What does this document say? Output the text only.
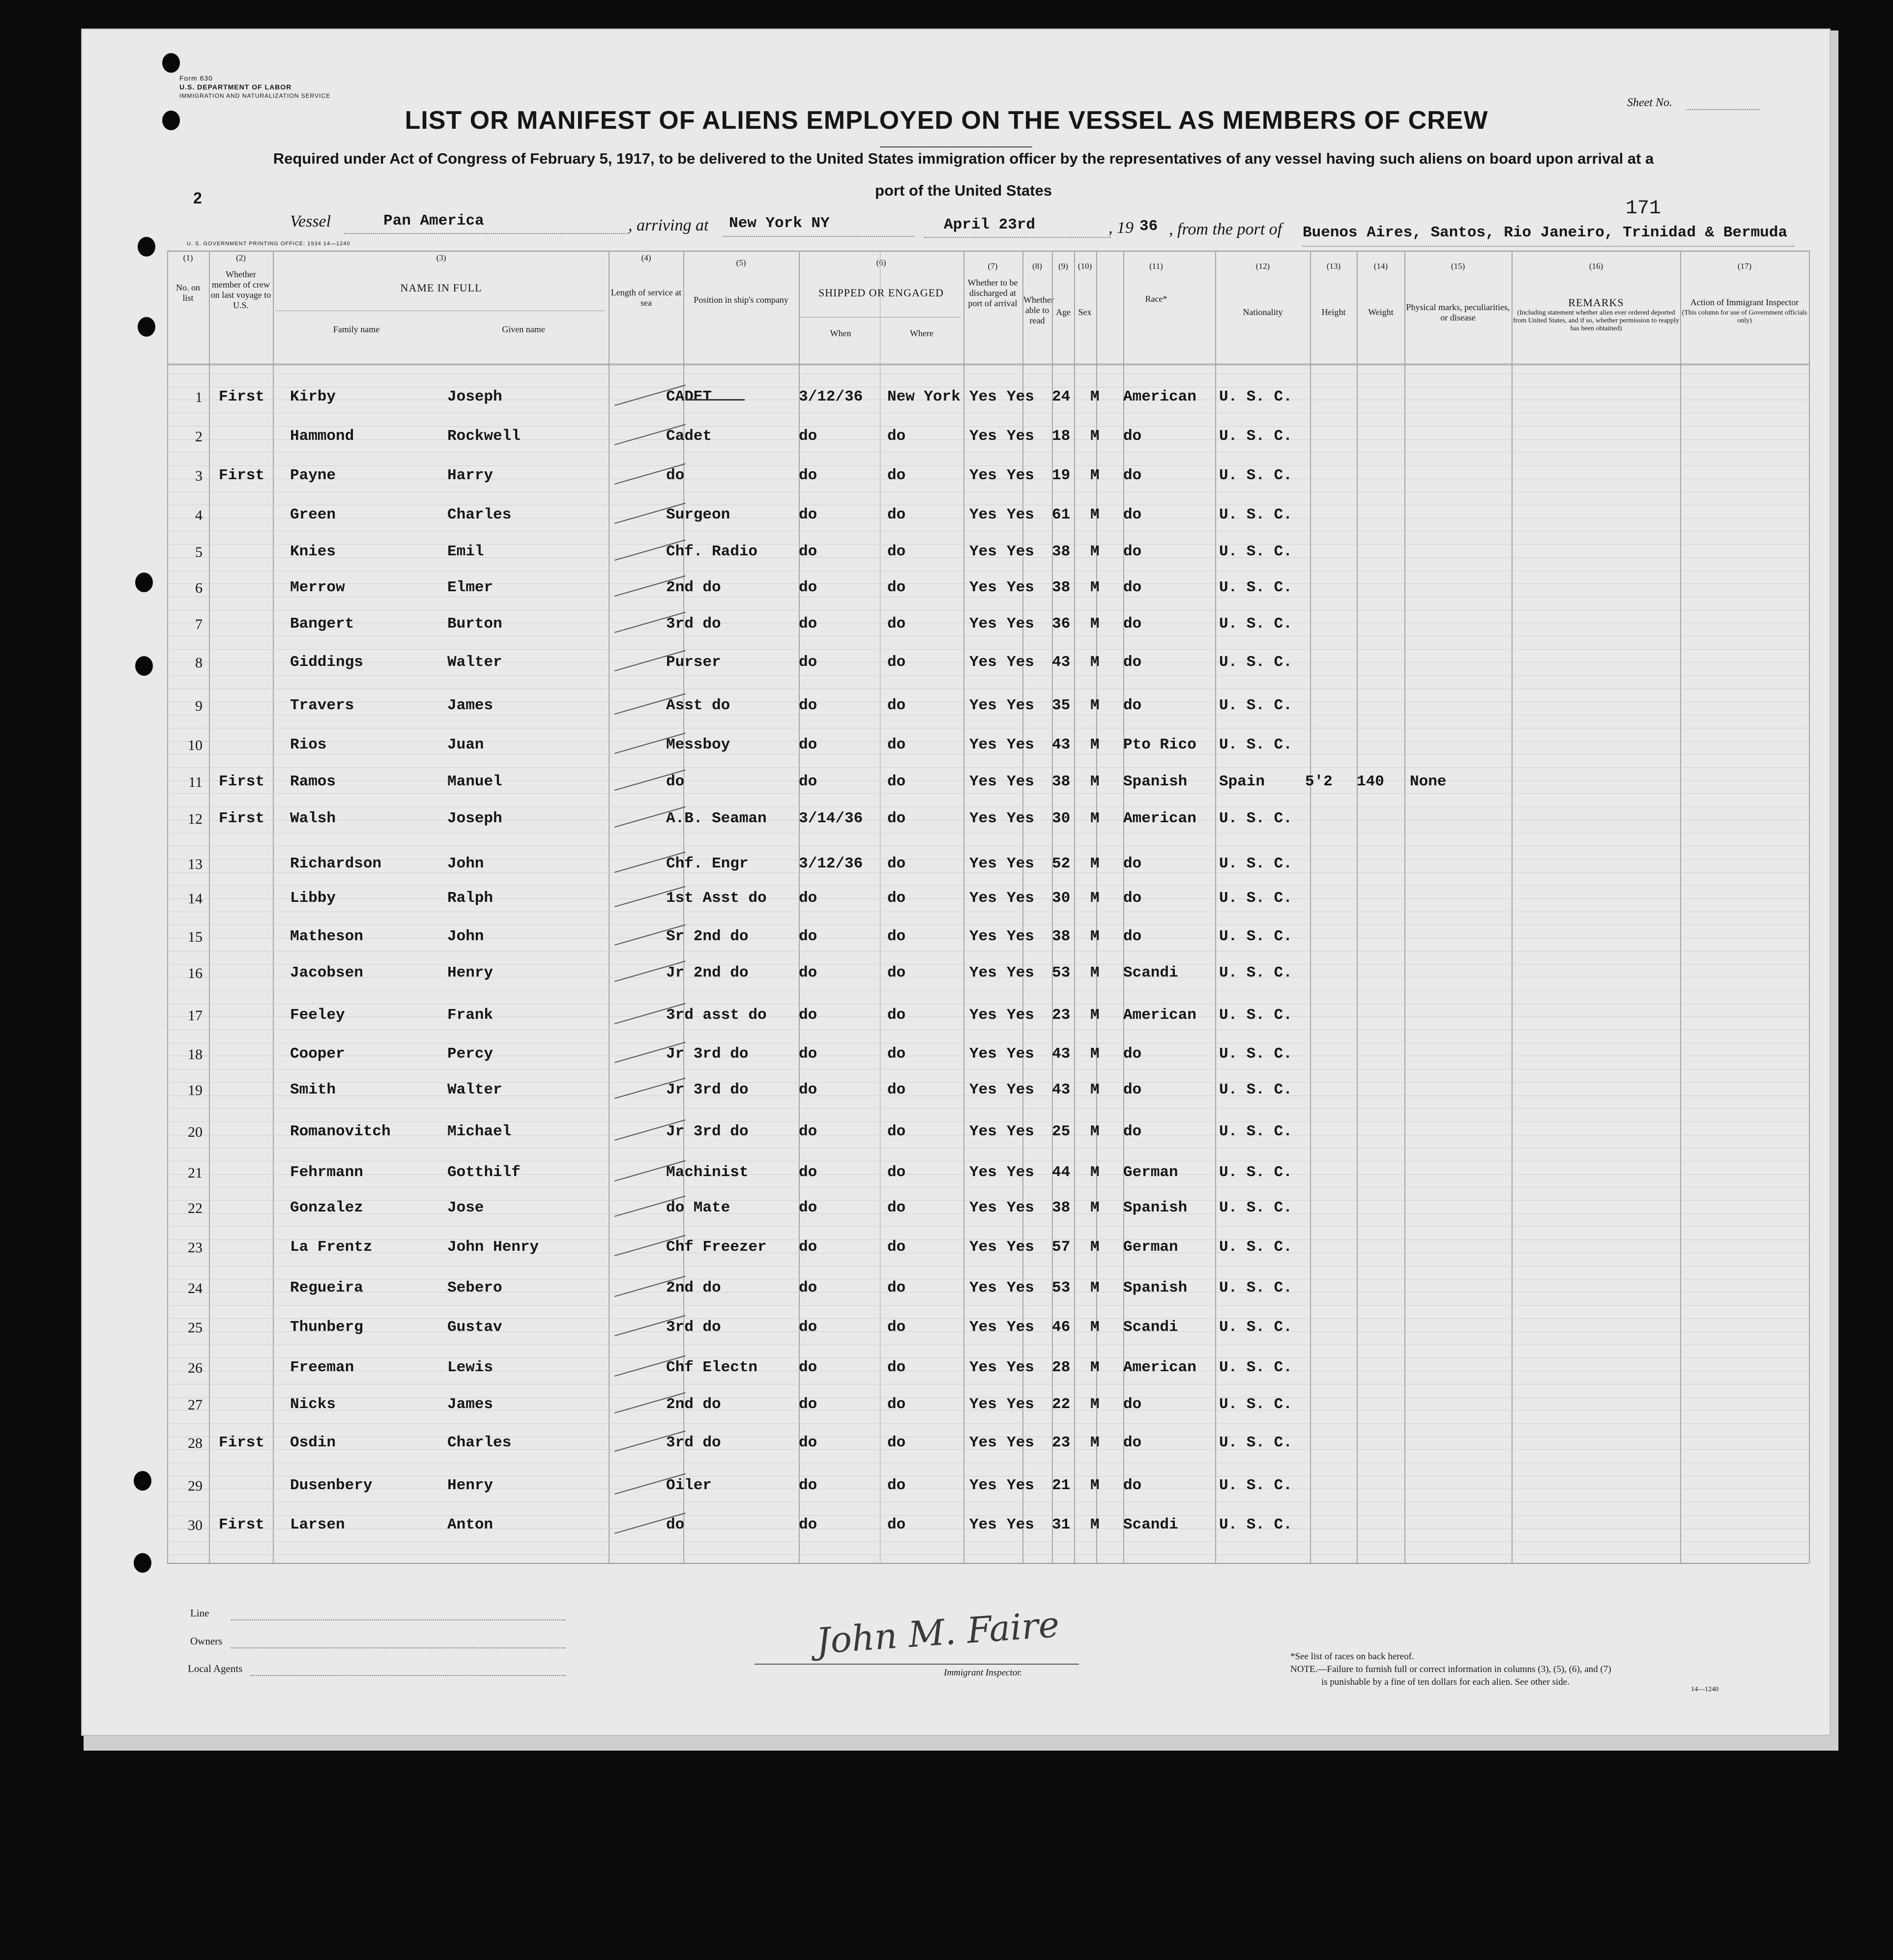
Form 630
U.S. DEPARTMENT OF LABOR
IMMIGRATION AND NATURALIZATION SERVICE
Sheet No.
LIST OR MANIFEST OF ALIENS EMPLOYED ON THE VESSEL AS MEMBERS OF CREW
Required under Act of Congress of February 5, 1917, to be delivered to the United States immigration officer by the representatives of any vessel having such aliens on board upon arrival at a
port of the United States
2
Vessel	Pan America	, arriving at New York NY	April 23rd	, 19 36 , from the port of Buenos Aires, Santos, Rio Janeiro, Trinidad & Bermuda
171
U. S. GOVERNMENT PRINTING OFFICE: 1934 14—1240
(1)
No. on list
(2)
Whether member of crew on last voyage to U.S.
(3)
NAME IN FULL
Family name	Given name
(4)
Length of service at sea
(5)
Position in ship's company
(6)
SHIPPED OR ENGAGED
When	Where
(7)
Whether to be discharged at port of arrival
(8)
Whether able to read
(9)
Age
(10)
Sex
(11)
Race*
(12)
Nationality
(13)
Height
(14)
Weight
(15)
Physical marks, peculiarities, or disease
(16)
REMARKS
(Including statement whether alien ever ordered deported from United States, and if so, whether permission to reapply has been obtained)
(17)
Action of Immigrant Inspector
(This column for use of Government officials only)
1 First	Kirby	Joseph	CADET	3/12/36	New York Yes Yes	24	M	American	U. S. C.
2	Hammond	Rockwell	Cadet	do	do	Yes Yes	18	M	do	U. S. C.
3 First	Payne	Harry	do	do	do	Yes Yes	19	M	do	U. S. C.
4	Green	Charles	Surgeon	do	do	Yes Yes	61	M	do	U. S. C.
5	Knies	Emil	Chf. Radio	do	do	Yes Yes	38	M	do	U. S. C.
6	Merrow	Elmer	2nd do	do	do	Yes Yes	38	M	do	U. S. C.
7	Bangert	Burton	3rd do	do	do	Yes Yes	36	M	do	U. S. C.
8	Giddings	Walter	Purser	do	do	Yes Yes	43	M	do	U. S. C.
9	Travers	James	Asst do	do	do	Yes Yes	35	M	do	U. S. C.
10	Rios	Juan	Messboy	do	do	Yes Yes	43	M	Pto Rico	U. S. C.
11 First	Ramos	Manuel	do	do	do	Yes Yes	38	M	Spanish	Spain	5'2	140	None
12 First	Walsh	Joseph	A.B. Seaman	3/14/36	do	Yes Yes	30	M	American	U. S. C.
13	Richardson	John	Chf. Engr	3/12/36	do	Yes Yes	52	M	do	U. S. C.
14	Libby	Ralph	1st Asst do	do	do	Yes Yes	30	M	do	U. S. C.
15	Matheson	John	Sr 2nd do	do	do	Yes Yes	38	M	do	U. S. C.
16	Jacobsen	Henry	Jr 2nd do	do	do	Yes Yes	53	M	Scandi	U. S. C.
17	Feeley	Frank	3rd asst do	do	do	Yes Yes	23	M	American	U. S. C.
18	Cooper	Percy	Jr 3rd do	do	do	Yes Yes	43	M	do	U. S. C.
19	Smith	Walter	Jr 3rd do	do	do	Yes Yes	43	M	do	U. S. C.
20	Romanovitch	Michael	Jr 3rd do	do	do	Yes Yes	25	M	do	U. S. C.
21	Fehrmann	Gotthilf	Machinist	do	do	Yes Yes	44	M	German	U. S. C.
22	Gonzalez	Jose	do Mate	do	do	Yes Yes	38	M	Spanish	U. S. C.
23	La Frentz	John Henry	Chf Freezer	do	do	Yes Yes	57	M	German	U. S. C.
24	Regueira	Sebero	2nd do	do	do	Yes Yes	53	M	Spanish	U. S. C.
25	Thunberg	Gustav	3rd do	do	do	Yes Yes	46	M	Scandi	U. S. C.
26	Freeman	Lewis	Chf Electn	do	do	Yes Yes	28	M	American	U. S. C.
27	Nicks	James	2nd do	do	do	Yes Yes	22	M	do	U. S. C.
28 First	Osdin	Charles	3rd do	do	do	Yes Yes	23	M	do	U. S. C.
29	Dusenbery	Henry	Oiler	do	do	Yes Yes	21	M	do	U. S. C.
30 First	Larsen	Anton	do	do	do	Yes Yes	31	M	Scandi	U. S. C.
Line
Owners
Local Agents
John M. Faire
Immigrant Inspector.
*See list of races on back hereof.
NOTE.—Failure to furnish full or correct information in columns (3), (5), (6), and (7)
is punishable by a fine of ten dollars for each alien. See other side.
14—1240
